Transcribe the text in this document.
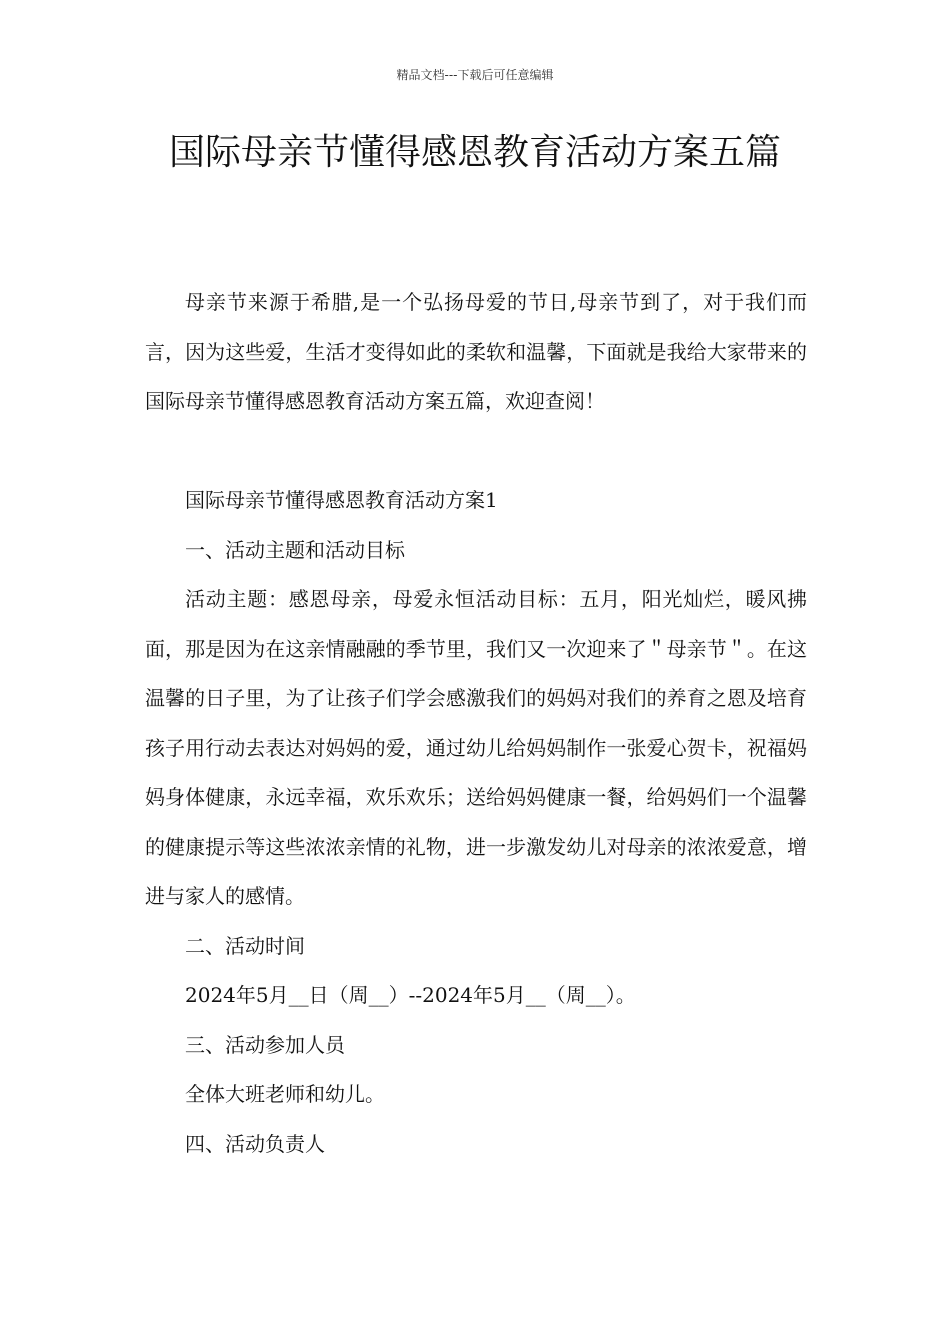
精品文档---下载后可任意编辑
国际母亲节懂得感恩教育活动方案五篇

母亲节来源于希腊,是一个弘扬母爱的节日,母亲节到了，对于我们而言，因为这些爱，生活才变得如此的柔软和温馨，下面就是我给大家带来的国际母亲节懂得感恩教育活动方案五篇，欢迎查阅！

国际母亲节懂得感恩教育活动方案1

一、活动主题和活动目标

活动主题：感恩母亲，母爱永恒活动目标：五月，阳光灿烂，暖风拂面，那是因为在这亲情融融的季节里，我们又一次迎来了＂母亲节＂。在这温馨的日子里，为了让孩子们学会感激我们的妈妈对我们的养育之恩及培育孩子用行动去表达对妈妈的爱，通过幼儿给妈妈制作一张爱心贺卡，祝福妈妈身体健康，永远幸福，欢乐欢乐；送给妈妈健康一餐，给妈妈们一个温馨的健康提示等这些浓浓亲情的礼物，进一步激发幼儿对母亲的浓浓爱意，增进与家人的感情。

二、活动时间

2024年5月__日（周__）--2024年5月__（周__）。

三、活动参加人员

全体大班老师和幼儿。

四、活动负责人
